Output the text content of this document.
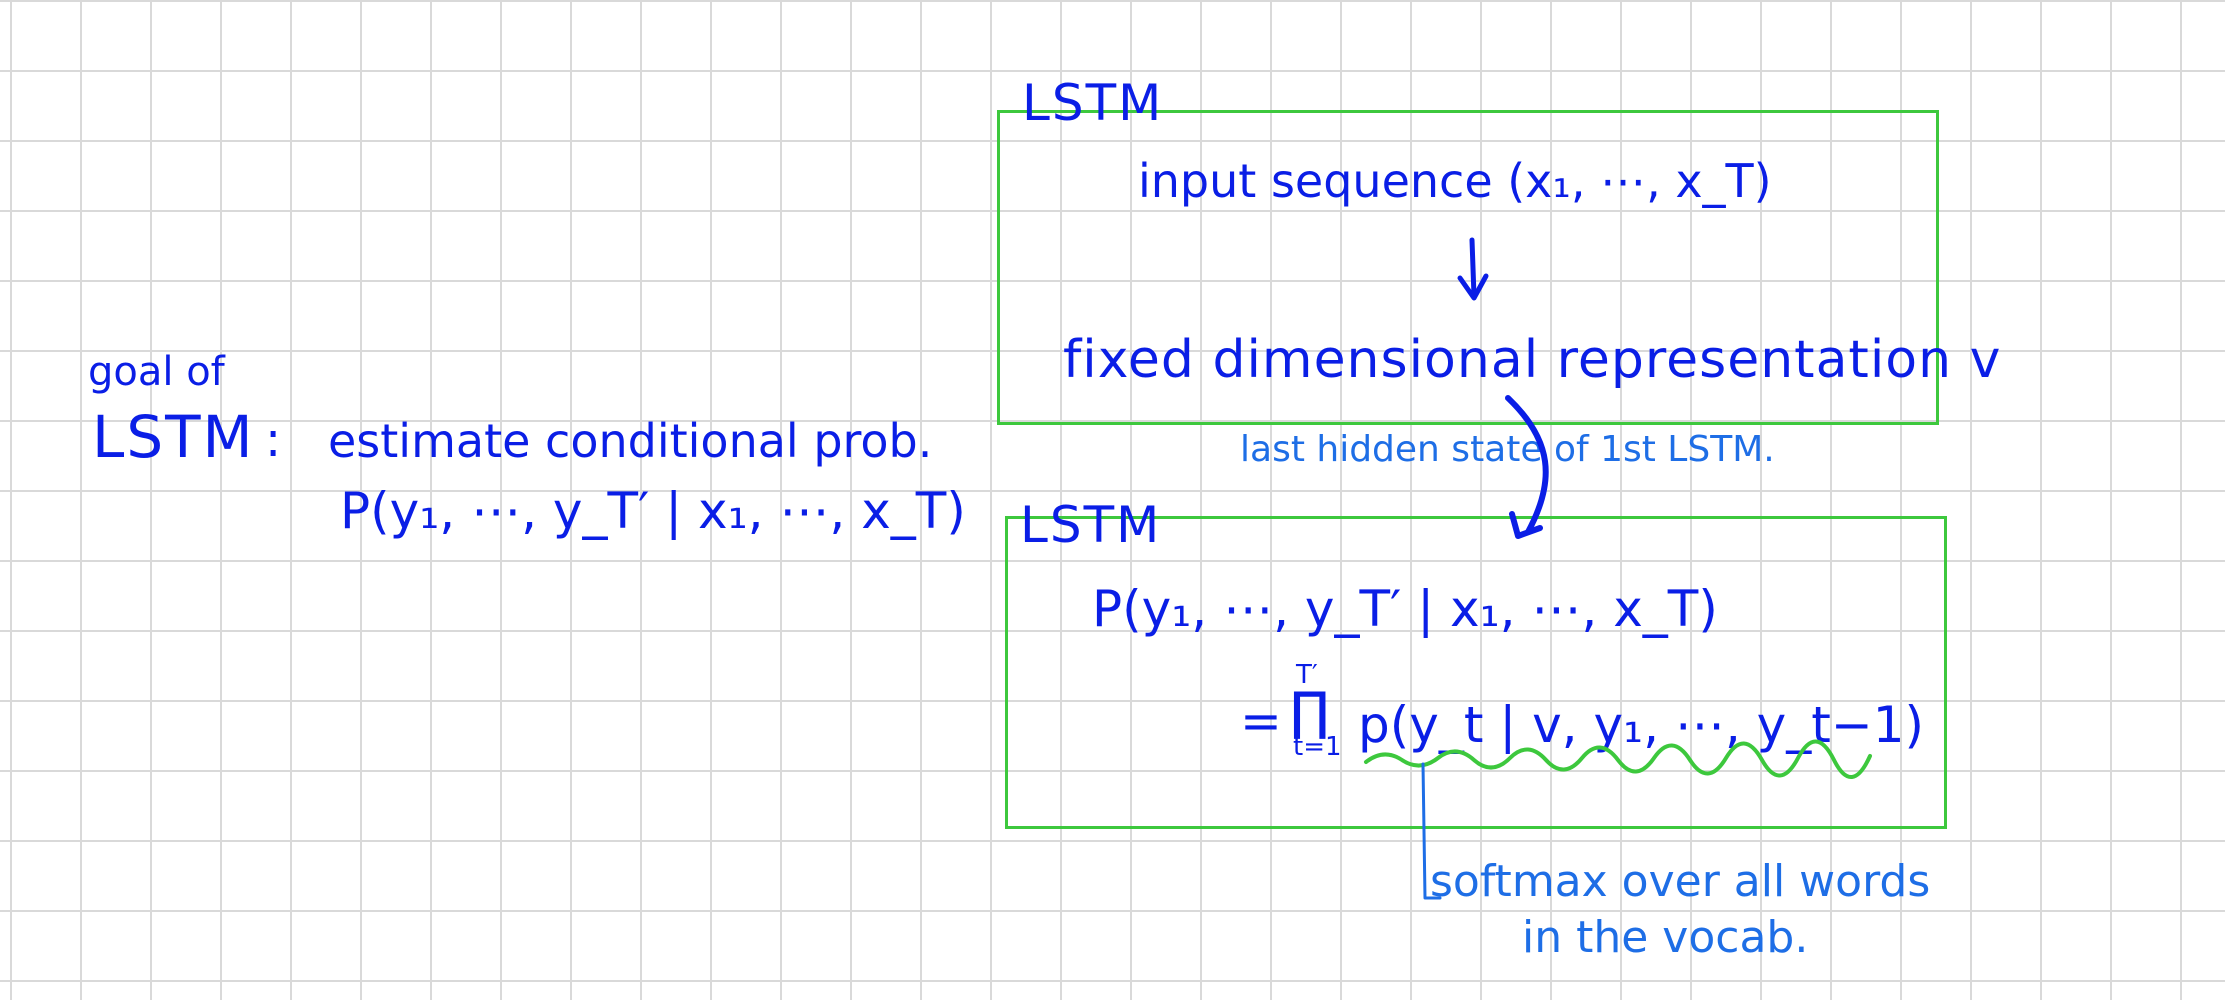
goal of
LSTM : estimate conditional prob.
P(y₁, ⋯, y_T′ | x₁, ⋯, x_T)
LSTM
input sequence (x₁, ⋯, x_T)
fixed dimensional representation v
last hidden state of 1st LSTM.
LSTM
P(y₁, ⋯, y_T′ | x₁, ⋯, x_T)
=
T′
∏
t=1 p(y_t | v, y₁, ⋯, y_t−1)
softmax over all words
in the vocab.
